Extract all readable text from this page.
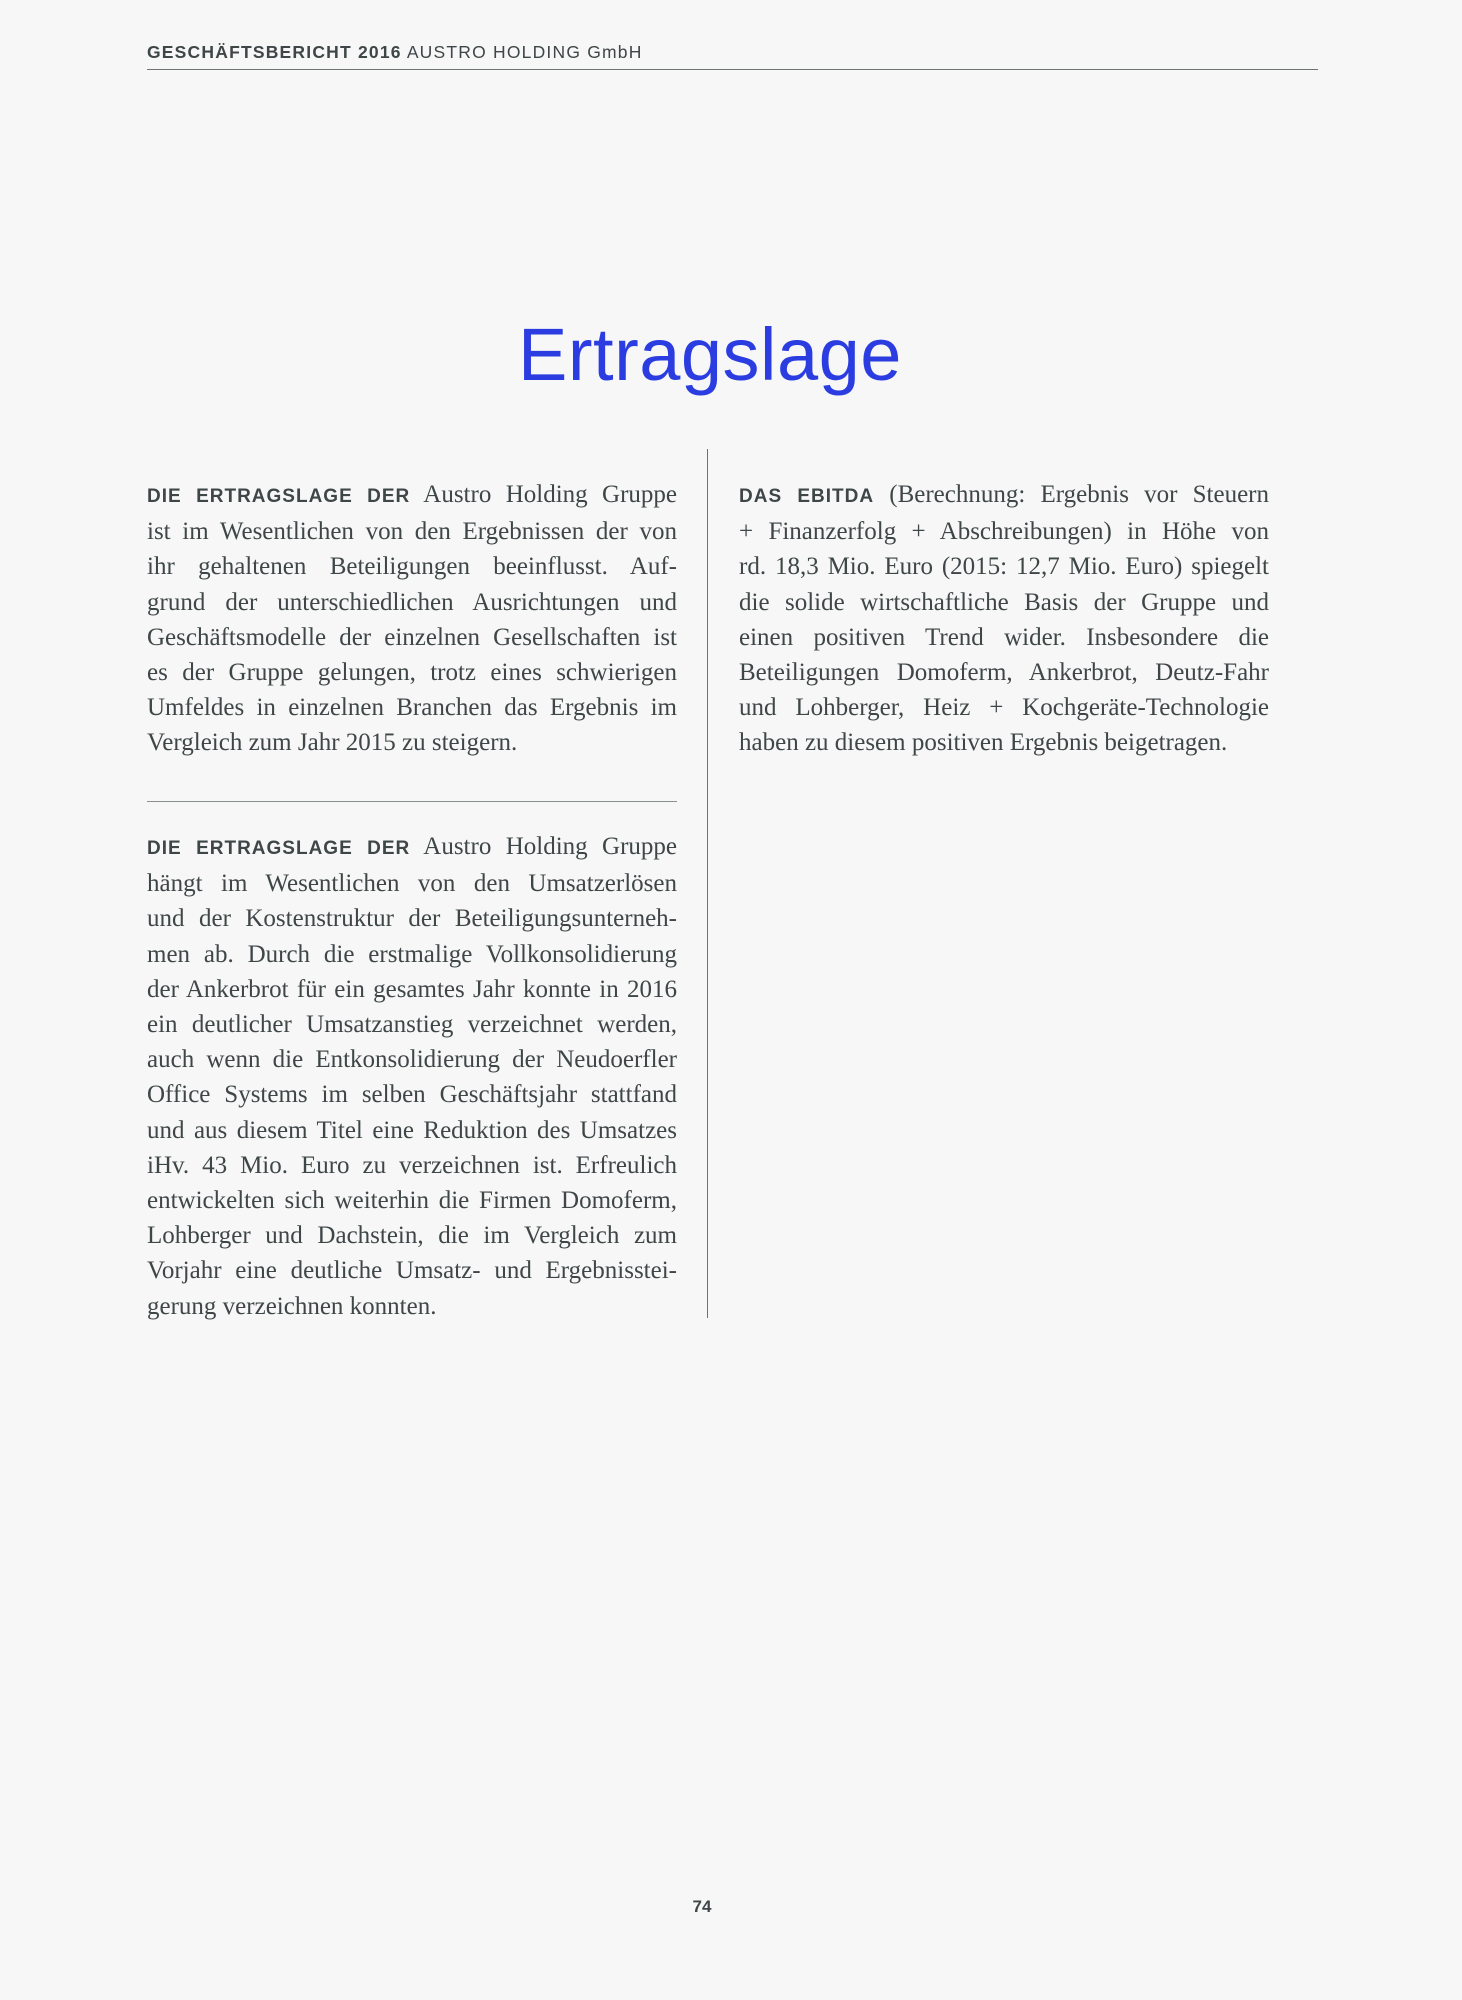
GESCHÄFTSBERICHT 2016 AUSTRO HOLDING GmbH
Ertragslage
DIE ERTRAGSLAGE DER Austro Holding Gruppe
ist im Wesentlichen von den Ergebnissen der von
ihr gehaltenen Beteiligungen beeinflusst. Auf-
grund der unterschiedlichen Ausrichtungen und
Geschäftsmodelle der einzelnen Gesellschaften ist
es der Gruppe gelungen, trotz eines schwierigen
Umfeldes in einzelnen Branchen das Ergebnis im
Vergleich zum Jahr 2015 zu steigern.
DIE ERTRAGSLAGE DER Austro Holding Gruppe
hängt im Wesentlichen von den Umsatzerlösen
und der Kostenstruktur der Beteiligungsunterneh-
men ab. Durch die erstmalige Vollkonsolidierung
der Ankerbrot für ein gesamtes Jahr konnte in 2016
ein deutlicher Umsatzanstieg verzeichnet werden,
auch wenn die Entkonsolidierung der Neudoerfler
Office Systems im selben Geschäftsjahr stattfand
und aus diesem Titel eine Reduktion des Umsatzes
iHv. 43 Mio. Euro zu verzeichnen ist. Erfreulich
entwickelten sich weiterhin die Firmen Domoferm,
Lohberger und Dachstein, die im Vergleich zum
Vorjahr eine deutliche Umsatz- und Ergebnisstei-
gerung verzeichnen konnten.
DAS EBITDA (Berechnung: Ergebnis vor Steuern
+ Finanzerfolg + Abschreibungen) in Höhe von
rd. 18,3 Mio. Euro (2015: 12,7 Mio. Euro) spiegelt
die solide wirtschaftliche Basis der Gruppe und
einen positiven Trend wider. Insbesondere die
Beteiligungen Domoferm, Ankerbrot, Deutz-Fahr
und Lohberger, Heiz + Kochgeräte-Technologie
haben zu diesem positiven Ergebnis beigetragen.
74
